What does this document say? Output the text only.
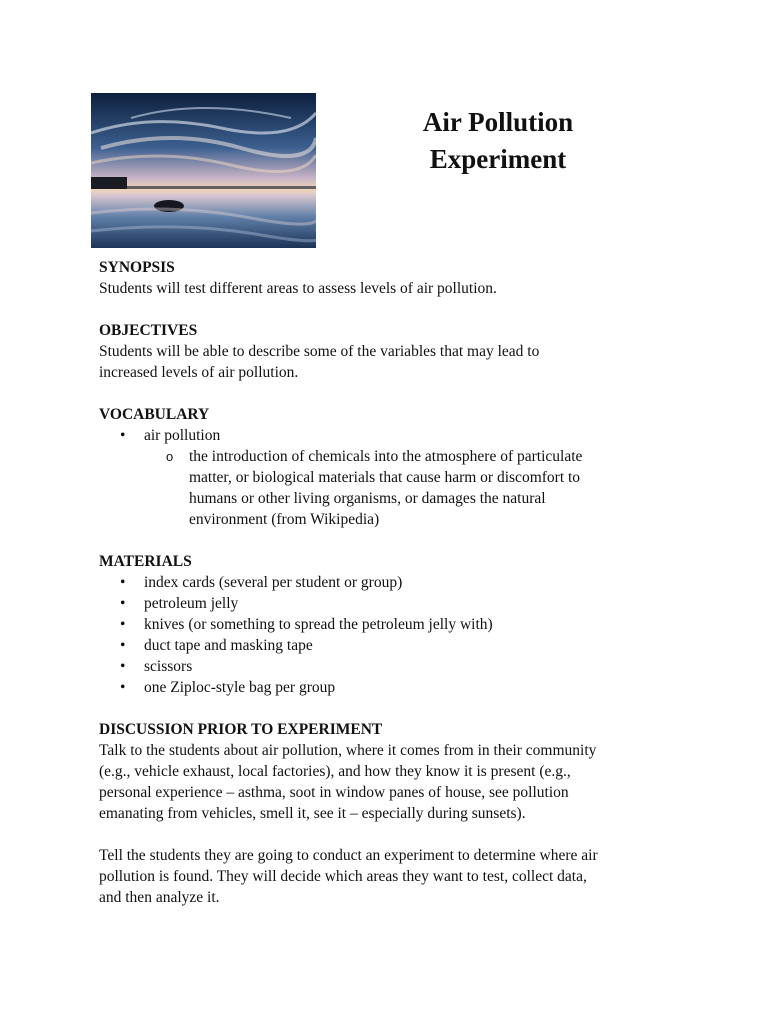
Air Pollution
Experiment
SYNOPSIS

Students will test different areas to assess levels of air pollution.

OBJECTIVES
Students will be able to describe some of the variables that may lead to
increased levels of air pollution.
VOCABULARY
• air pollution
o the introduction of chemicals into the atmosphere of particulate
matter, or biological materials that cause harm or discomfort to
humans or other living organisms, or damages the natural
environment (from Wikipedia)
MATERIALS
• index cards (several per student or group)
• petroleum jelly
• knives (or something to spread the petroleum jelly with)
• duct tape and masking tape
• scissors
• one Ziploc-style bag per group
DISCUSSION PRIOR TO EXPERIMENT
Talk to the students about air pollution, where it comes from in their community
(e.g., vehicle exhaust, local factories), and how they know it is present (e.g.,
personal experience – asthma, soot in window panes of house, see pollution
emanating from vehicles, smell it, see it – especially during sunsets).
Tell the students they are going to conduct an experiment to determine where air
pollution is found. They will decide which areas they want to test, collect data,
and then analyze it.
